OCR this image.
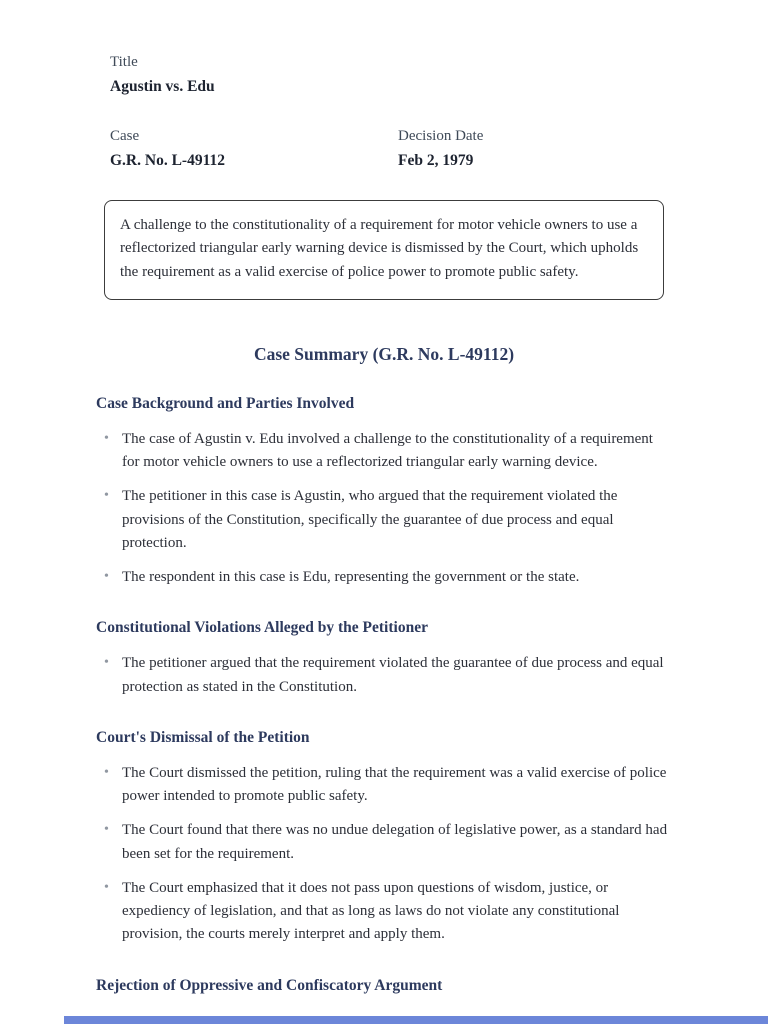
Title
Agustin vs. Edu
Case
G.R. No. L-49112
Decision Date
Feb 2, 1979

A challenge to the constitutionality of a requirement for motor vehicle owners to use a reflectorized triangular early warning device is dismissed by the Court, which upholds the requirement as a valid exercise of police power to promote public safety.

Case Summary (G.R. No. L-49112)
Case Background and Parties Involved
• The case of Agustin v. Edu involved a challenge to the constitutionality of a requirement for motor vehicle owners to use a reflectorized triangular early warning device.
• The petitioner in this case is Agustin, who argued that the requirement violated the provisions of the Constitution, specifically the guarantee of due process and equal protection.
• The respondent in this case is Edu, representing the government or the state.
Constitutional Violations Alleged by the Petitioner
• The petitioner argued that the requirement violated the guarantee of due process and equal protection as stated in the Constitution.
Court's Dismissal of the Petition
• The Court dismissed the petition, ruling that the requirement was a valid exercise of police power intended to promote public safety.
• The Court found that there was no undue delegation of legislative power, as a standard had been set for the requirement.
• The Court emphasized that it does not pass upon questions of wisdom, justice, or expediency of legislation, and that as long as laws do not violate any constitutional provision, the courts merely interpret and apply them.
Rejection of Oppressive and Confiscatory Argument
